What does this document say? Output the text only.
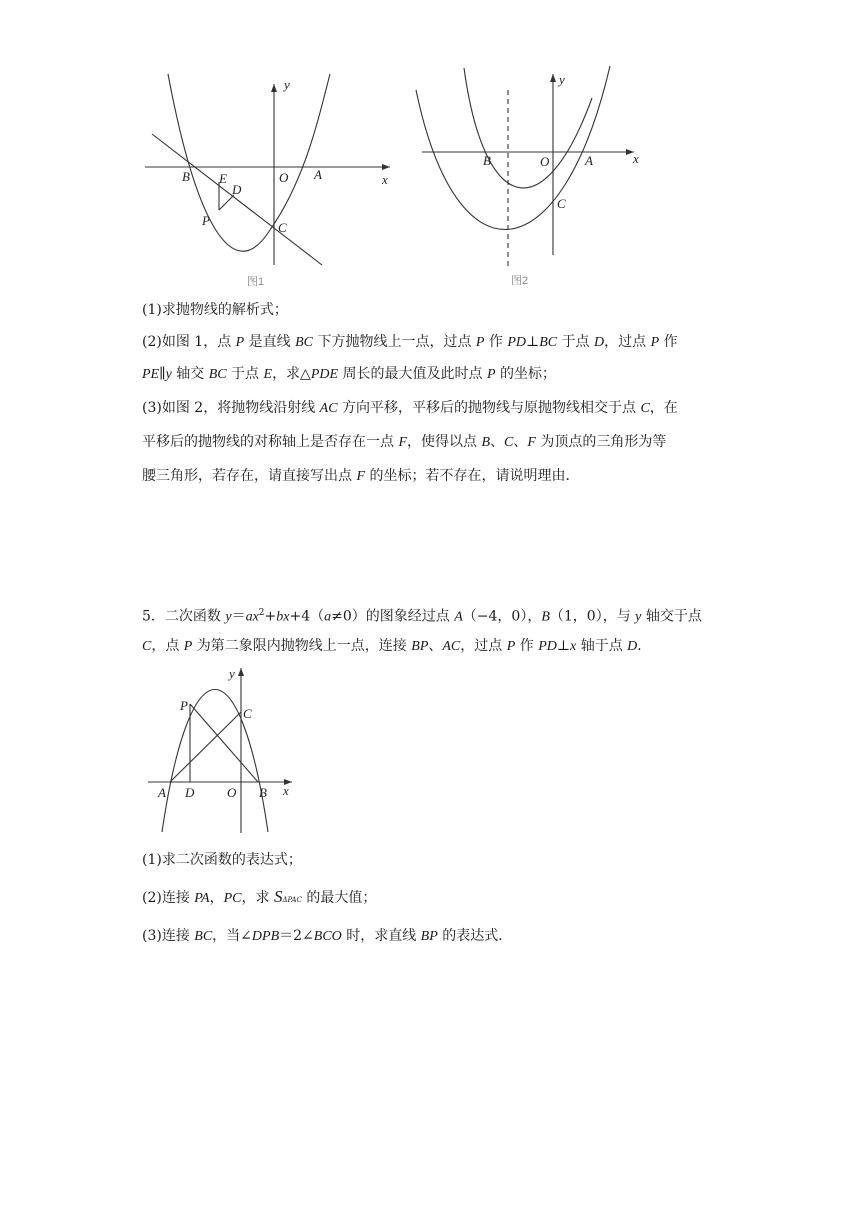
y
x
B E
D
O A
P	C
图1
y
x
B	O	A
C
图2
(1)求抛物线的解析式；
(2)如图 1，点 P 是直线 BC 下方抛物线上一点，过点 P 作 PD⊥BC 于点 D，过点 P 作
PE∥y 轴交 BC 于点 E，求△PDE 周长的最大值及此时点 P 的坐标；
(3)如图 2，将抛物线沿射线 AC 方向平移，平移后的抛物线与原抛物线相交于点 C，在
平移后的抛物线的对称轴上是否存在一点 F，使得以点 B、C、F 为顶点的三角形为等
腰三角形，若存在，请直接写出点 F 的坐标；若不存在，请说明理由．
5．二次函数 $y=ax^2+bx+4(a\ne 0)$的图象经过点 A（−4，0），B（1，0），与 y 轴交于点
C，点 P 为第二象限内抛物线上一点，连接 BP、AC，过点 P 作 PD⊥x 轴于点 D．
y
P
C
A D	O B x
(1)求二次函数的表达式；
(2)连接 PA，PC，求 SΔPAC 的最大值；
(3)连接 BC，当∠DPB＝2∠BCO 时，求直线 BP 的表达式．
